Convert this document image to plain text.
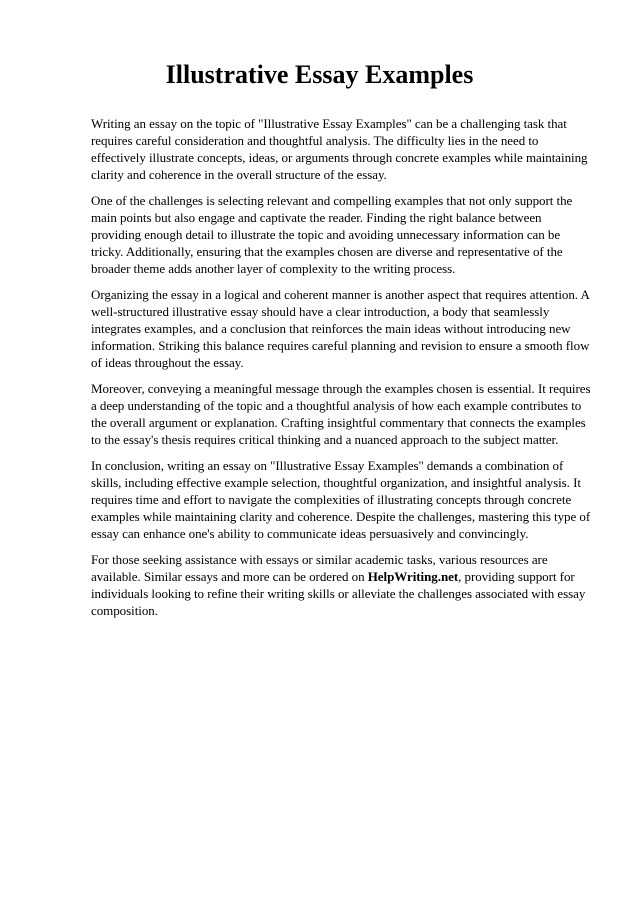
Illustrative Essay Examples

Writing an essay on the topic of "Illustrative Essay Examples" can be a challenging task that requires careful consideration and thoughtful analysis. The difficulty lies in the need to effectively illustrate concepts, ideas, or arguments through concrete examples while maintaining clarity and coherence in the overall structure of the essay.

One of the challenges is selecting relevant and compelling examples that not only support the main points but also engage and captivate the reader. Finding the right balance between providing enough detail to illustrate the topic and avoiding unnecessary information can be tricky. Additionally, ensuring that the examples chosen are diverse and representative of the broader theme adds another layer of complexity to the writing process.

Organizing the essay in a logical and coherent manner is another aspect that requires attention. A well-structured illustrative essay should have a clear introduction, a body that seamlessly integrates examples, and a conclusion that reinforces the main ideas without introducing new information. Striking this balance requires careful planning and revision to ensure a smooth flow of ideas throughout the essay.

Moreover, conveying a meaningful message through the examples chosen is essential. It requires a deep understanding of the topic and a thoughtful analysis of how each example contributes to the overall argument or explanation. Crafting insightful commentary that connects the examples to the essay's thesis requires critical thinking and a nuanced approach to the subject matter.

In conclusion, writing an essay on "Illustrative Essay Examples" demands a combination of skills, including effective example selection, thoughtful organization, and insightful analysis. It requires time and effort to navigate the complexities of illustrating concepts through concrete examples while maintaining clarity and coherence. Despite the challenges, mastering this type of essay can enhance one's ability to communicate ideas persuasively and convincingly.

For those seeking assistance with essays or similar academic tasks, various resources are available. Similar essays and more can be ordered on HelpWriting.net, providing support for individuals looking to refine their writing skills or alleviate the challenges associated with essay composition.
